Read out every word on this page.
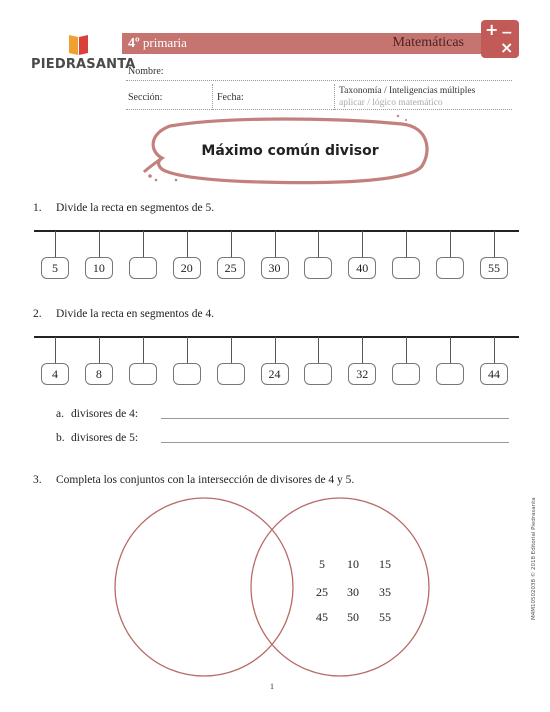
PIEDRASANTA
4º primaria	Matemáticas
+ −
×
Nombre:
Sección:	Fecha:
Taxonomía / Inteligencias múltiples
aplicar / lógico matemático
Máximo común divisor
1. Divide la recta en segmentos de 5.
5	10	20	25	30	40	55
2. Divide la recta en segmentos de 4.
4	8	24	32	44
a. divisores de 4:
b. divisores de 5:
3. Completa los conjuntos con la intersección de divisores de 4 y 5.
5	10	15
25	30	35
45	50	55
1
M4M10502038 © 2018 Editorial Piedrasanta
